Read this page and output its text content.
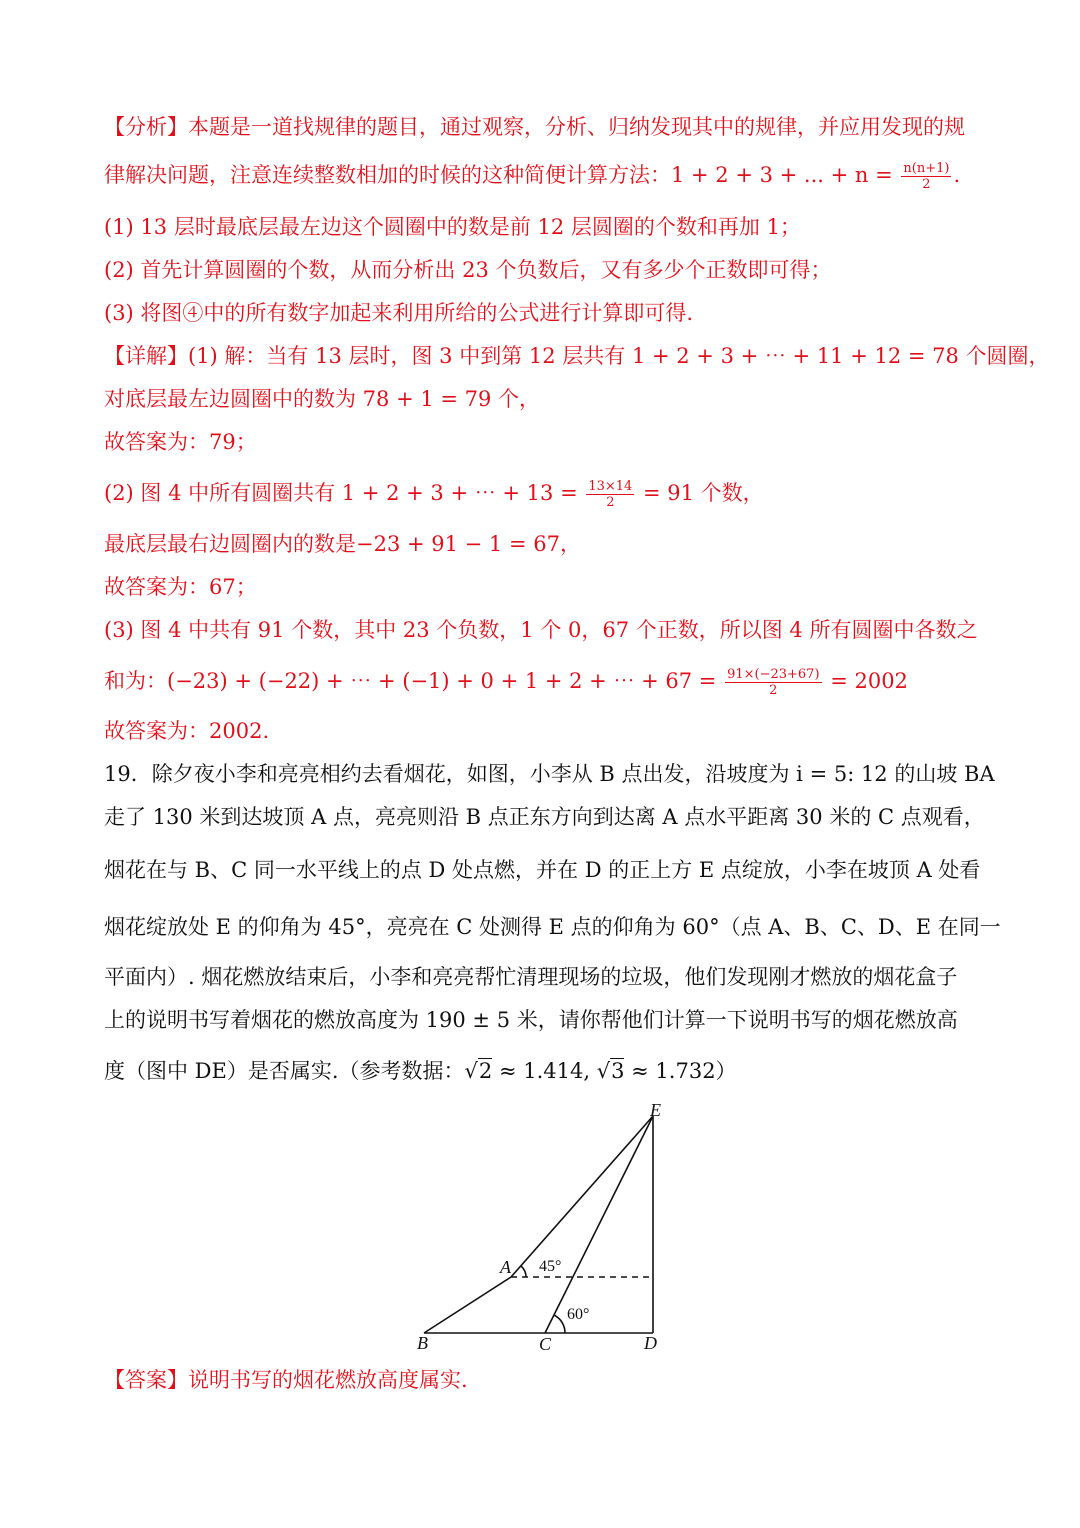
【分析】本题是一道找规律的题目，通过观察，分析、归纳发现其中的规律，并应用发现的规
律解决问题，注意连续整数相加的时候的这种简便计算方法：1 + 2 + 3 + ... + $n = \frac{n(n+1)}{2}$ .
(1) 13 层时最底层最左边这个圆圈中的数是前 12 层圆圈的个数和再加 1；
(2) 首先计算圆圈的个数，从而分析出 23 个负数后，又有多少个正数即可得；
(3) 将图④中的所有数字加起来利用所给的公式进行计算即可得.
【详解】(1) 解：当有 13 层时，图 3 中到第 12 层共有 1 + 2 + 3 + ⋯ + 11 + 12 = 78 个圆圈，
对底层最左边圆圈中的数为 78 + 1 = 79 个，
故答案为：79；
(2) 图 4 中所有圆圈共有 1 + 2 + 3 + ⋯ + $13 = \frac{13\times 14}{2} = 91$ 个数，
最底层最右边圆圈内的数是−23 + 91 − 1 = 67，
故答案为：67；
(3) 图 4 中共有 91 个数，其中 23 个负数，1 个 0，67 个正数，所以图 4 所有圆圈中各数之
和为：(−23) + (−22) + ⋯ + (−1) + 0 + 1 + 2 + ⋯ + $67 = \frac{91\times(-23+67)}{2} = 2002$
故答案为：2002.
19．除夕夜小李和亮亮相约去看烟花，如图，小李从 B 点出发，沿坡度为 i = 5: 12 的山坡 BA
走了 130 米到达坡顶 A 点，亮亮则沿 B 点正东方向到达离 A 点水平距离 30 米的 C 点观看，
烟花在与 B、C 同一水平线上的点 D 处点燃，并在 D 的正上方 E 点绽放，小李在坡顶 A 处看
烟花绽放处 E 的仰角为 45°，亮亮在 C 处测得 E 点的仰角为 60°（点 A、B、C、D、E 在同一
平面内）. 烟花燃放结束后，小李和亮亮帮忙清理现场的垃圾，他们发现刚才燃放的烟花盒子
上的说明书写着烟花的燃放高度为 190 ± 5 米，请你帮他们计算一下说明书写的烟花燃放高
度（图中 DE）是否属实.（参考数据：√2 ≈ 1.414, √3 ≈ 1.732）
E
A
B	C	D
45°
60°
【答案】说明书写的烟花燃放高度属实.
